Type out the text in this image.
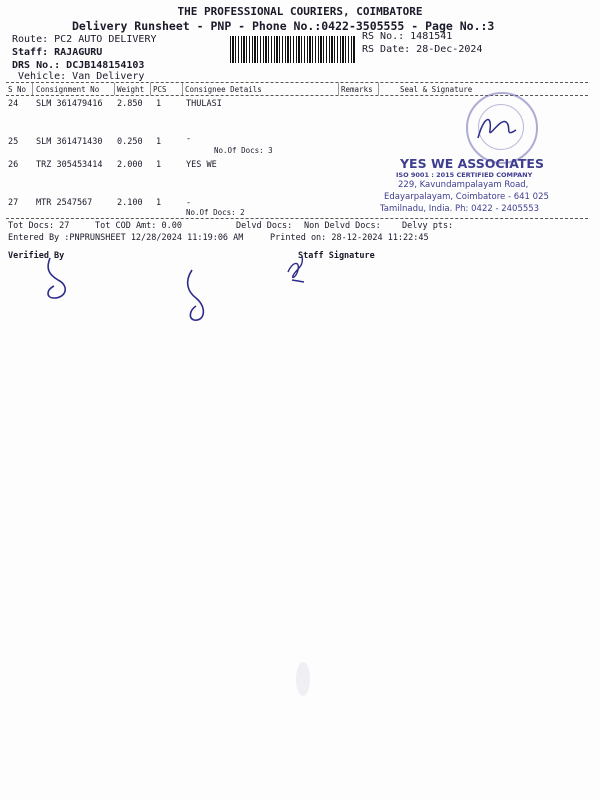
THE PROFESSIONAL COURIERS, COIMBATORE
Delivery Runsheet - PNP - Phone No.:0422-3505555 - Page No.:3
Route: PC2 AUTO DELIVERY
Staff: RAJAGURU
DRS No.: DCJB148154103
Vehicle: Van Delivery
RS No.: 1481541
RS Date: 28-Dec-2024
S No Consignment No Weight PCS Consignee Details	Remarks	Seal & Signature
24 SLM 361479416 2.850 1	THULASI
25 SLM 361471430 0.250 1	-
No.Of Docs: 3
26 TRZ 305453414 2.000 1	YES WE
27 MTR 2547567	2.100 1	-
No.Of Docs: 2
YES WE ASSOCIATES
ISO 9001 : 2015 CERTIFIED COMPANY
229, Kavundampalayam Road,
Edayarpalayam, Coimbatore - 641 025
Tamilnadu, India. Ph: 0422 - 2405553
Tot Docs: 27	Tot COD Amt: 0.00	Delvd Docs: Non Delvd Docs: Delvy pts:
Entered By :PNPRUNSHEET 12/28/2024 11:19:06 AM	Printed on: 28-12-2024 11:22:45
Verified By	Staff Signature
